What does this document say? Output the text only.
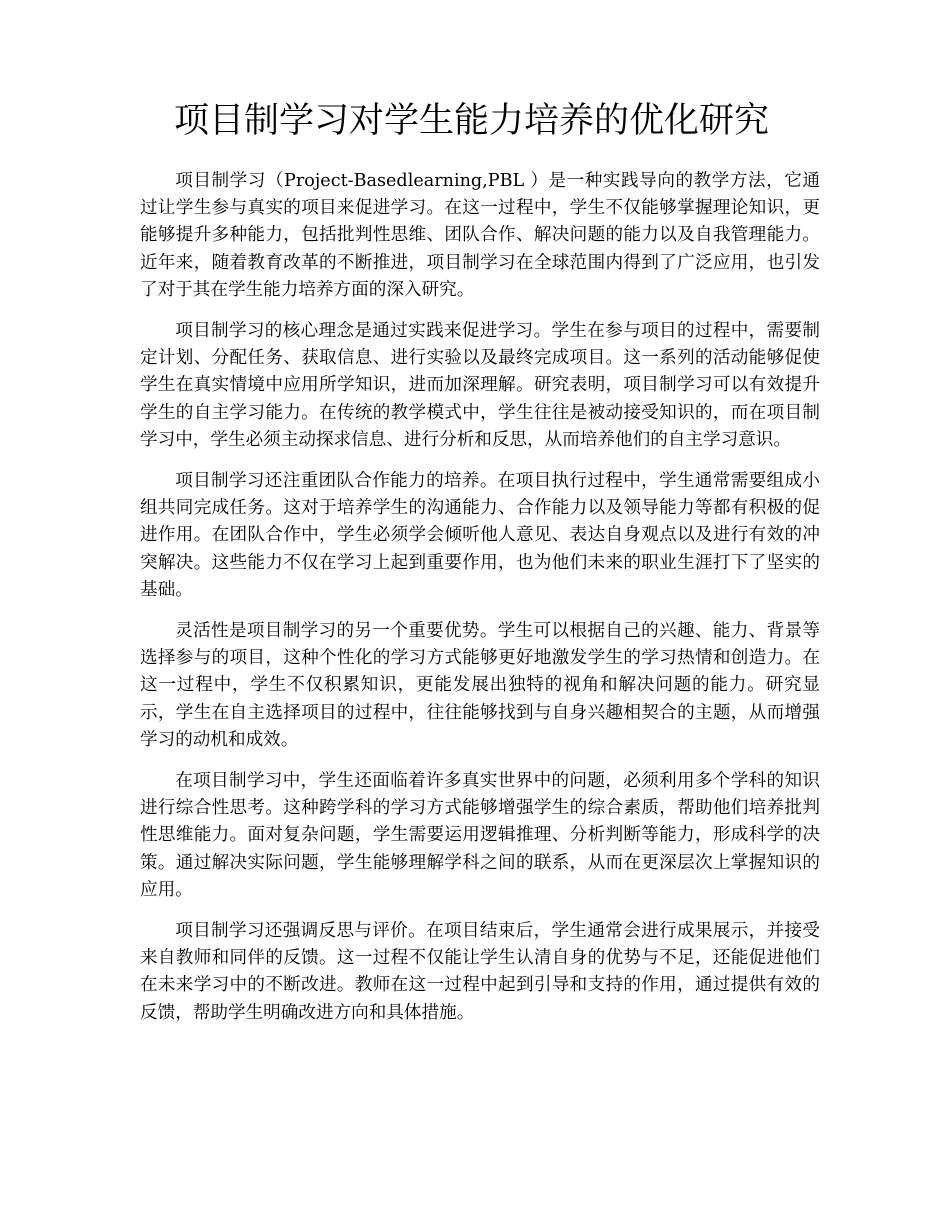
项目制学习对学生能力培养的优化研究

项目制学习（Project-Basedlearning,PBL ）是一种实践导向的教学方法，它通过让学生参与真实的项目来促进学习。在这一过程中，学生不仅能够掌握理论知识，更能够提升多种能力，包括批判性思维、团队合作、解决问题的能力以及自我管理能力。近年来，随着教育改革的不断推进，项目制学习在全球范围内得到了广泛应用，也引发了对于其在学生能力培养方面的深入研究。

项目制学习的核心理念是通过实践来促进学习。学生在参与项目的过程中，需要制定计划、分配任务、获取信息、进行实验以及最终完成项目。这一系列的活动能够促使学生在真实情境中应用所学知识，进而加深理解。研究表明，项目制学习可以有效提升学生的自主学习能力。在传统的教学模式中，学生往往是被动接受知识的，而在项目制学习中，学生必须主动探求信息、进行分析和反思，从而培养他们的自主学习意识。

项目制学习还注重团队合作能力的培养。在项目执行过程中，学生通常需要组成小组共同完成任务。这对于培养学生的沟通能力、合作能力以及领导能力等都有积极的促进作用。在团队合作中，学生必须学会倾听他人意见、表达自身观点以及进行有效的冲突解决。这些能力不仅在学习上起到重要作用，也为他们未来的职业生涯打下了坚实的基础。

灵活性是项目制学习的另一个重要优势。学生可以根据自己的兴趣、能力、背景等选择参与的项目，这种个性化的学习方式能够更好地激发学生的学习热情和创造力。在这一过程中，学生不仅积累知识，更能发展出独特的视角和解决问题的能力。研究显示，学生在自主选择项目的过程中，往往能够找到与自身兴趣相契合的主题，从而增强学习的动机和成效。

在项目制学习中，学生还面临着许多真实世界中的问题，必须利用多个学科的知识进行综合性思考。这种跨学科的学习方式能够增强学生的综合素质，帮助他们培养批判性思维能力。面对复杂问题，学生需要运用逻辑推理、分析判断等能力，形成科学的决策。通过解决实际问题，学生能够理解学科之间的联系，从而在更深层次上掌握知识的应用。

项目制学习还强调反思与评价。在项目结束后，学生通常会进行成果展示，并接受来自教师和同伴的反馈。这一过程不仅能让学生认清自身的优势与不足，还能促进他们在未来学习中的不断改进。教师在这一过程中起到引导和支持的作用，通过提供有效的反馈，帮助学生明确改进方向和具体措施。
